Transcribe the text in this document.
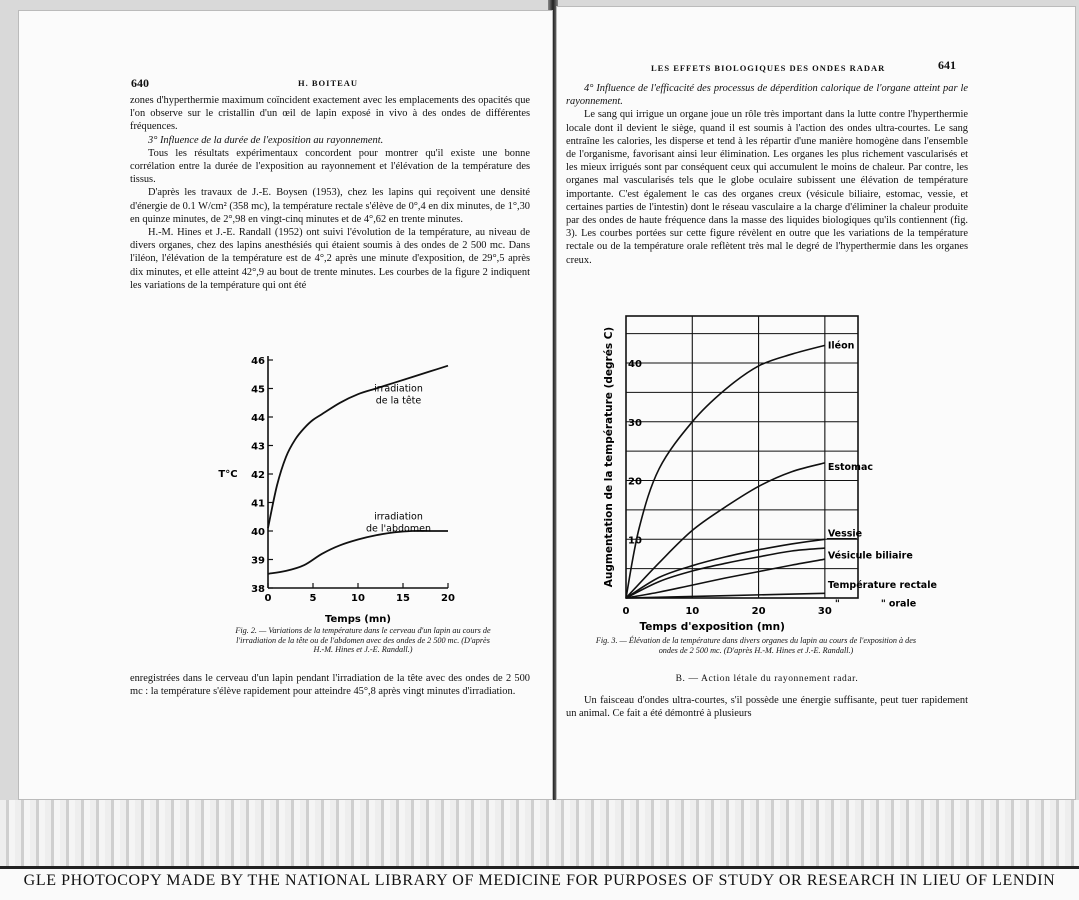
640	H. BOITEAU

zones d'hyperthermie maximum coïncident exactement avec les emplacements des opacités que l'on observe sur le cristallin d'un œil de lapin exposé in vivo à des ondes de différentes fréquences.

3° Influence de la durée de l'exposition au rayonnement.

Tous les résultats expérimentaux concordent pour montrer qu'il existe une bonne corrélation entre la durée de l'exposition au rayonnement et l'élévation de la température des tissus.

D'après les travaux de J.-E. Boysen (1953), chez les lapins qui reçoivent une densité d'énergie de 0.1 W/cm² (358 mc), la température rectale s'élève de 0°,4 en dix minutes, de 1°,30 en quinze minutes, de 2°,98 en vingt-cinq minutes et de 4°,62 en trente minutes.

H.-M. Hines et J.-E. Randall (1952) ont suivi l'évolution de la température, au niveau de divers organes, chez des lapins anesthésiés qui étaient soumis à des ondes de 2 500 mc. Dans l'iléon, l'élévation de la température est de 4°,2 après une minute d'exposition, de 29°,5 après dix minutes, et elle atteint 42°,9 au bout de trente minutes. Les courbes de la figure 2 indiquent les variations de la température qui ont été

38
39
40
41
42
43
44
45
46
0	5	10	15	20
Temps (mn)
T°C
irradiation
de la tête
irradiation
de l'abdomen
Fig. 2. — Variations de la température dans le cerveau d'un lapin au cours de l'irradiation de la tête ou de l'abdomen avec des ondes de 2 500 mc. (D'après H.-M. Hines et J.-E. Randall.)

enregistrées dans le cerveau d'un lapin pendant l'irradiation de la tête avec des ondes de 2 500 mc : la température s'élève rapidement pour atteindre 45°,8 après vingt minutes d'irradiation.

LES EFFETS BIOLOGIQUES DES ONDES RADAR	641

4° Influence de l'efficacité des processus de déperdition calorique de l'organe atteint par le rayonnement.

Le sang qui irrigue un organe joue un rôle très important dans la lutte contre l'hyperthermie locale dont il devient le siège, quand il est soumis à l'action des ondes ultra-courtes. Le sang entraîne les calories, les disperse et tend à les répartir d'une manière homogène dans l'ensemble de l'organisme, favorisant ainsi leur élimination. Les organes les plus richement vascularisés et les mieux irrigués sont par conséquent ceux qui accumulent le moins de chaleur. Par contre, les organes mal vascularisés tels que le globe oculaire subissent une élévation de température importante. C'est également le cas des organes creux (vésicule biliaire, estomac, vessie, et certaines parties de l'intestin) dont le réseau vasculaire a la charge d'éliminer la chaleur produite par des ondes de haute fréquence dans la masse des liquides biologiques qu'ils contiennent (fig. 3). Les courbes portées sur cette figure révèlent en outre que les variations de la température rectale ou de la température orale reflètent très mal le degré de l'hyperthermie dans les organes creux.

10
20
30
40
0	10	20	30
Temps d'exposition (mn)
Augmentation de la température (degrés C)	Iléon
Estomac
Vessie
Vésicule biliaire
Température rectale
"	" orale
Fig. 3. — Élévation de la température dans divers organes du lapin au cours de l'exposition à des ondes de 2 500 mc. (D'après H.-M. Hines et J.-E. Randall.)
B. — Action létale du rayonnement radar.

Un faisceau d'ondes ultra-courtes, s'il possède une énergie suffisante, peut tuer rapidement un animal. Ce fait a été démontré à plusieurs

GLE PHOTOCOPY MADE BY THE NATIONAL LIBRARY OF MEDICINE FOR PURPOSES OF STUDY OR RESEARCH IN LIEU OF LENDIN
